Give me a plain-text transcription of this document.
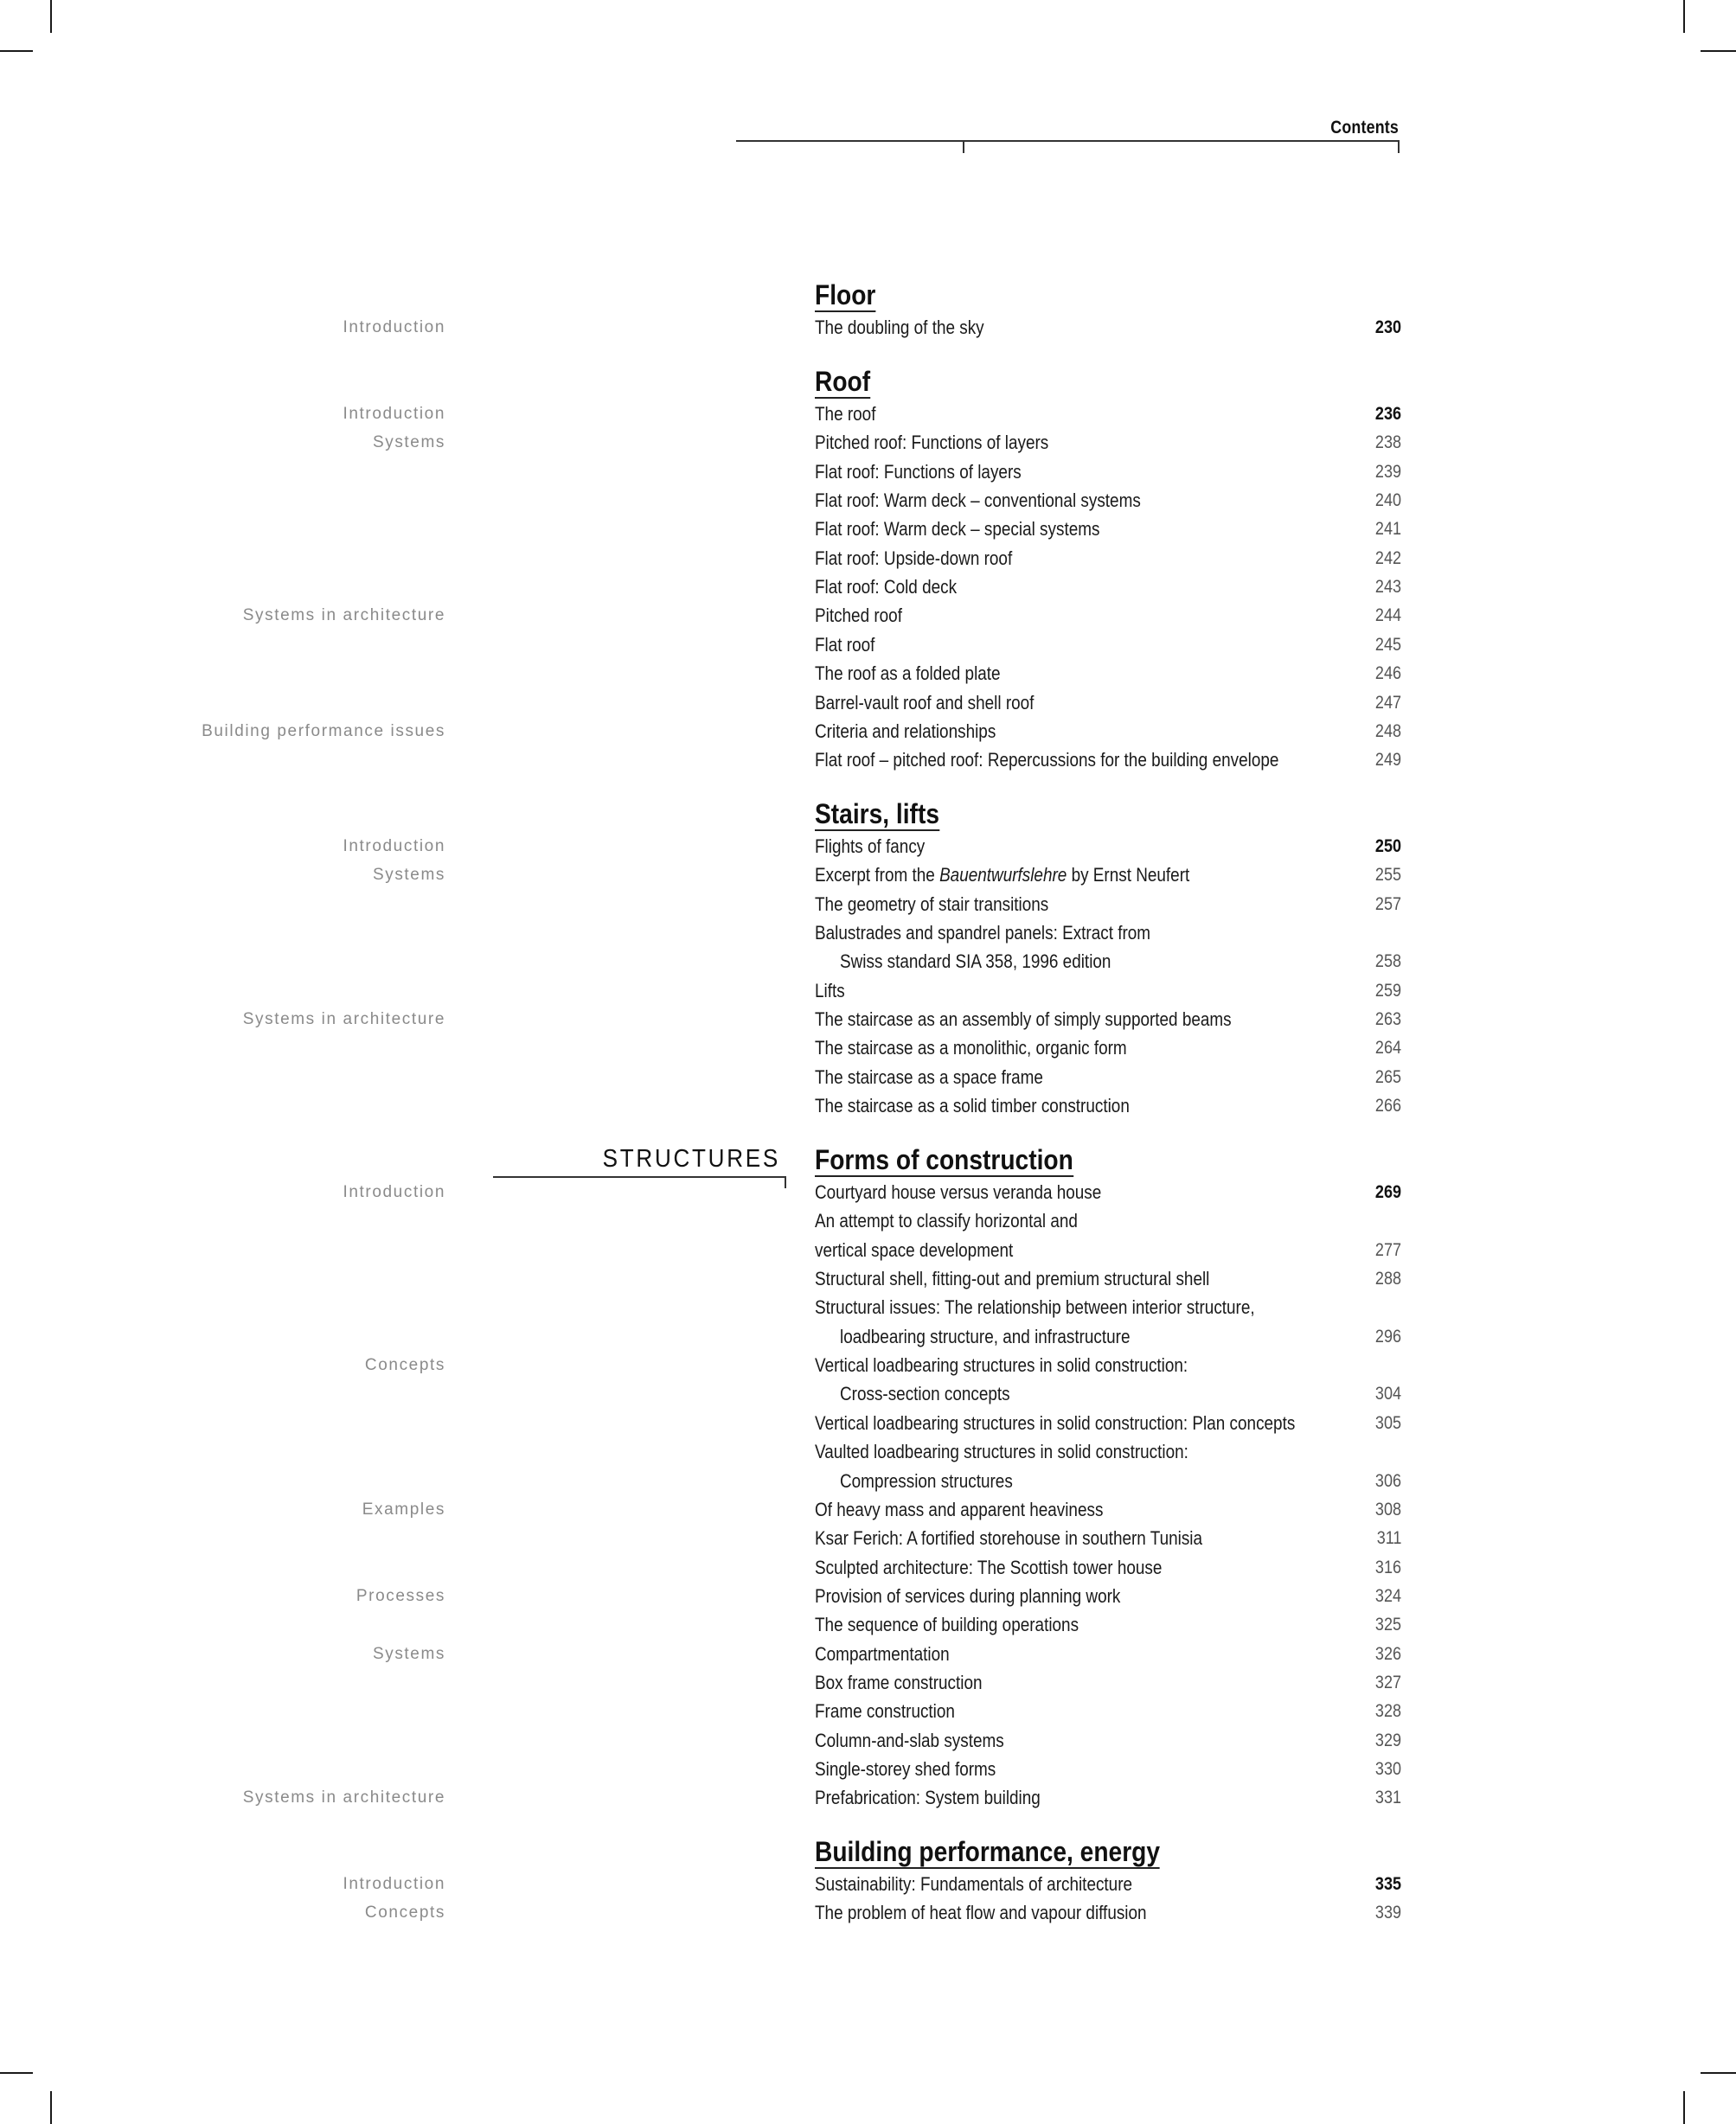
Contents
STRUCTURES
Floor
Introduction	The doubling of the sky	230
Roof
Introduction	The roof	236
Systems	Pitched roof: Functions of layers	238
Flat roof: Functions of layers	239
Flat roof: Warm deck – conventional systems	240
Flat roof: Warm deck – special systems	241
Flat roof: Upside-down roof	242
Flat roof: Cold deck	243
Systems in architecture	Pitched roof	244
Flat roof	245
The roof as a folded plate	246
Barrel-vault roof and shell roof	247
Building performance issues	Criteria and relationships	248
Flat roof – pitched roof: Repercussions for the building envelope	249
Stairs, lifts
Introduction	Flights of fancy	250
Systems	Excerpt from the Bauentwurfslehre by Ernst Neufert	255
The geometry of stair transitions	257
Balustrades and spandrel panels: Extract from
Swiss standard SIA 358, 1996 edition	258
Lifts	259
Systems in architecture	The staircase as an assembly of simply supported beams	263
The staircase as a monolithic, organic form	264
The staircase as a space frame	265
The staircase as a solid timber construction	266
Forms of construction
Introduction	Courtyard house versus veranda house	269
An attempt to classify horizontal and
vertical space development	277
Structural shell, fitting-out and premium structural shell	288
Structural issues: The relationship between interior structure,
loadbearing structure, and infrastructure	296
Concepts	Vertical loadbearing structures in solid construction:
Cross-section concepts	304
Vertical loadbearing structures in solid construction: Plan concepts	305
Vaulted loadbearing structures in solid construction:
Compression structures	306
Examples	Of heavy mass and apparent heaviness	308
Ksar Ferich: A fortified storehouse in southern Tunisia	311
Sculpted architecture: The Scottish tower house	316
Processes	Provision of services during planning work	324
The sequence of building operations	325
Systems	Compartmentation	326
Box frame construction	327
Frame construction	328
Column-and-slab systems	329
Single-storey shed forms	330
Systems in architecture	Prefabrication: System building	331
Building performance, energy
Introduction	Sustainability: Fundamentals of architecture	335
Concepts	The problem of heat flow and vapour diffusion	339
